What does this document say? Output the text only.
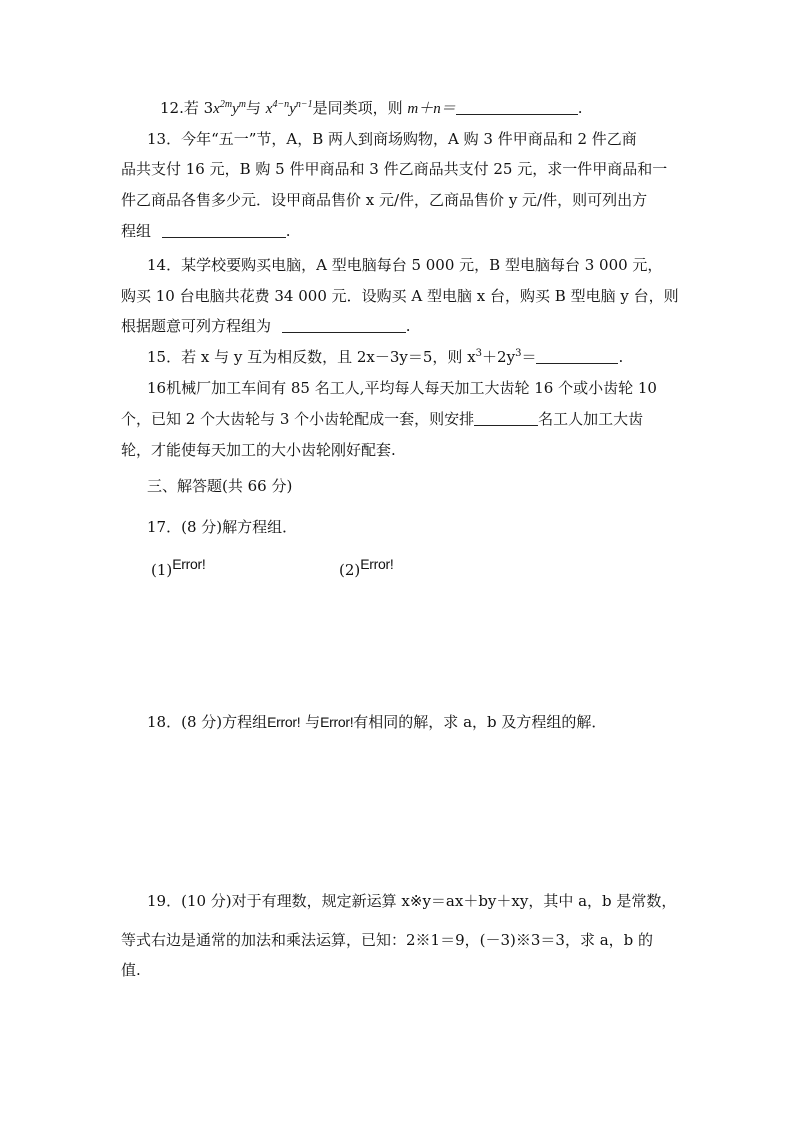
12.若 $3x^{2m}y^m$与 $x^{4-n}y^{n-1}$是同类项，则 m＋n＝	.
13．今年“五一”节，A，B 两人到商场购物，A 购 3 件甲商品和 2 件乙商
品共支付 16 元，B 购 5 件甲商品和 3 件乙商品共支付 25 元，求一件甲商品和一
件乙商品各售多少元．设甲商品售价 x 元/件，乙商品售价 y 元/件，则可列出方
程组	.
14．某学校要购买电脑，A 型电脑每台 5 000 元，B 型电脑每台 3 000 元，
购买 10 台电脑共花费 34 000 元．设购买 A 型电脑 x 台，购买 B 型电脑 y 台，则
根据题意可列方程组为	.
15．若 x 与 y 互为相反数，且 2x－3y＝5，则 $x^3+2y^3=$	.
16机械厂加工车间有 85 名工人,平均每人每天加工大齿轮 16 个或小齿轮 10
个，已知 2 个大齿轮与 3 个小齿轮配成一套，则安排	名工人加工大齿
轮，才能使每天加工的大小齿轮刚好配套.
三、解答题(共 66 分)
17．(8 分)解方程组．
(1)Error!	(2)Error!
18．(8 分)方程组Error! 与Error!有相同的解，求 a，b 及方程组的解．
19．(10 分)对于有理数，规定新运算 x※y＝ax＋by＋xy，其中 a，b 是常数，
等式右边是通常的加法和乘法运算，已知：2※1＝9，(－3)※3＝3，求 a，b 的
值.
